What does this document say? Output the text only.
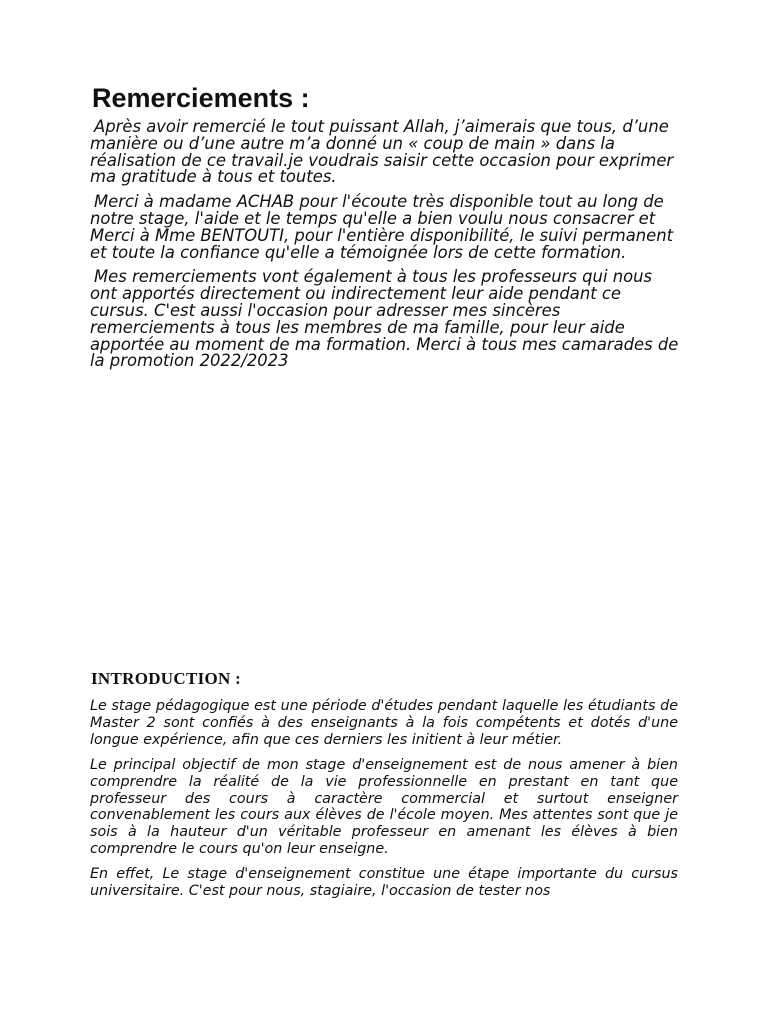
Remerciements :

Après avoir remercié le tout puissant Allah, j’aimerais que tous, d’une manière ou d’une autre m’a donné un « coup de main » dans la réalisation de ce travail.je voudrais saisir cette occasion pour exprimer ma gratitude à tous et toutes.

Merci à madame ACHAB pour l'écoute très disponible tout au long de notre stage, l'aide et le temps qu'elle a bien voulu nous consacrer et Merci à Mme BENTOUTI, pour l'entière disponibilité, le suivi permanent et toute la confiance qu'elle a témoignée lors de cette formation.

Mes remerciements vont également à tous les professeurs qui nous ont apportés directement ou indirectement leur aide pendant ce cursus. C'est aussi l'occasion pour adresser mes sincères remerciements à tous les membres de ma famille, pour leur aide apportée au moment de ma formation. Merci à tous mes camarades de la promotion 2022/2023

INTRODUCTION :

Le stage pédagogique est une période d'études pendant laquelle les étudiants de Master 2 sont confiés à des enseignants à la fois compétents et dotés d'une longue expérience, afin que ces derniers les initient à leur métier.

Le principal objectif de mon stage d'enseignement est de nous amener à bien comprendre la réalité de la vie professionnelle en prestant en tant que professeur des cours à caractère commercial et surtout enseigner convenablement les cours aux élèves de l'école moyen. Mes attentes sont que je sois à la hauteur d'un véritable professeur en amenant les élèves à bien comprendre le cours qu'on leur enseigne.

En effet, Le stage d'enseignement constitue une étape importante du cursus universitaire. C'est pour nous, stagiaire, l'occasion de tester nos
